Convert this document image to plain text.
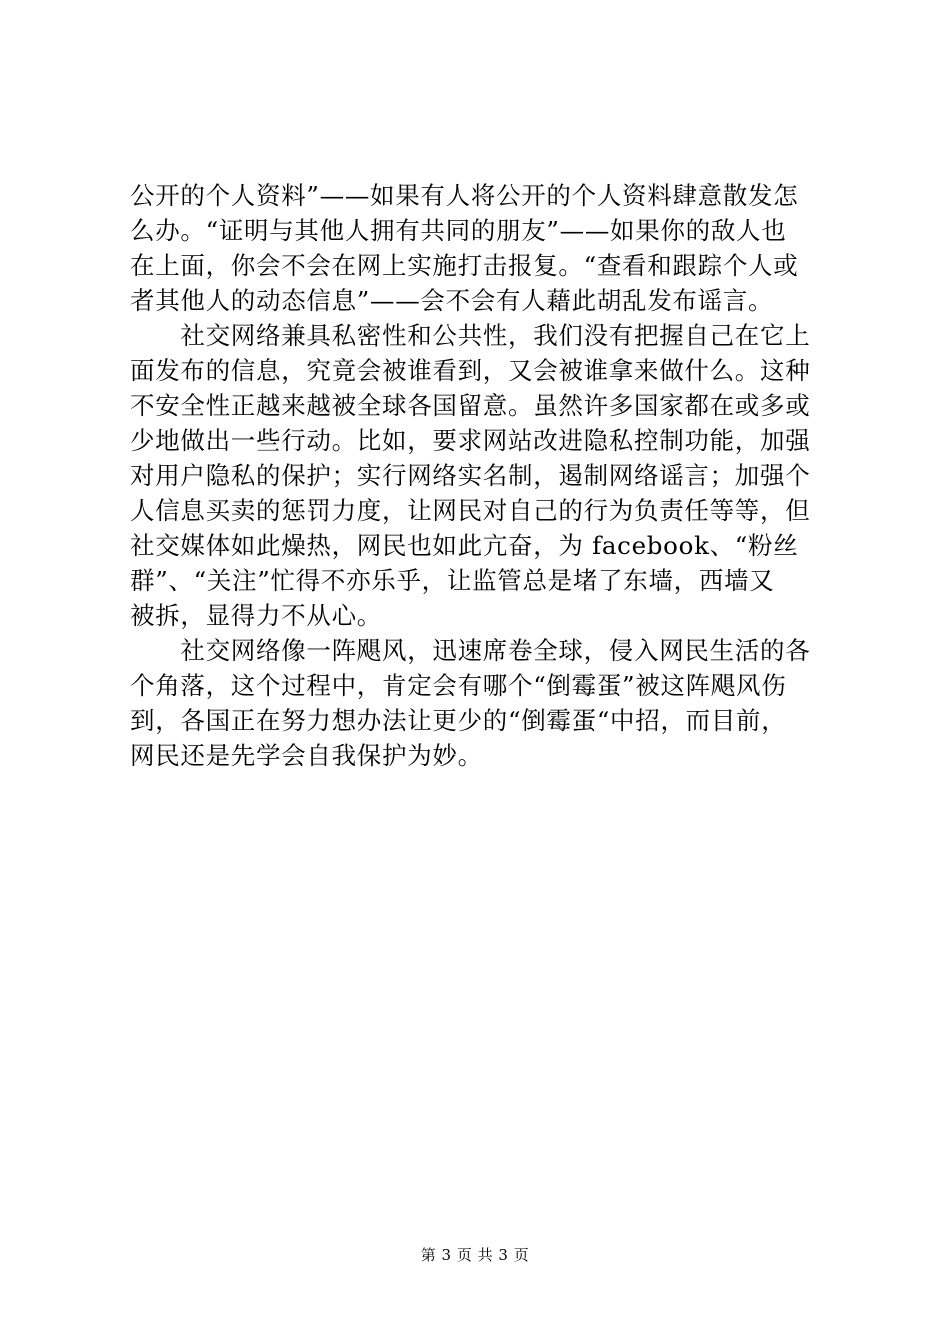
公开的个人资料”——如果有人将公开的个人资料肆意散发怎
么办。“证明与其他人拥有共同的朋友”——如果你的敌人也
在上面，你会不会在网上实施打击报复。“查看和跟踪个人或
者其他人的动态信息”——会不会有人藉此胡乱发布谣言。
　　社交网络兼具私密性和公共性，我们没有把握自己在它上
面发布的信息，究竟会被谁看到，又会被谁拿来做什么。这种
不安全性正越来越被全球各国留意。虽然许多国家都在或多或
少地做出一些行动。比如，要求网站改进隐私控制功能，加强
对用户隐私的保护；实行网络实名制，遏制网络谣言；加强个
人信息买卖的惩罚力度，让网民对自己的行为负责任等等，但
社交媒体如此燥热，网民也如此亢奋，为 facebook、“粉丝
群”、“关注”忙得不亦乐乎，让监管总是堵了东墙，西墙又
被拆，显得力不从心。
　　社交网络像一阵飓风，迅速席卷全球，侵入网民生活的各
个角落，这个过程中，肯定会有哪个“倒霉蛋”被这阵飓风伤
到，各国正在努力想办法让更少的“倒霉蛋“中招，而目前，
网民还是先学会自我保护为妙。
第 3 页 共 3 页
